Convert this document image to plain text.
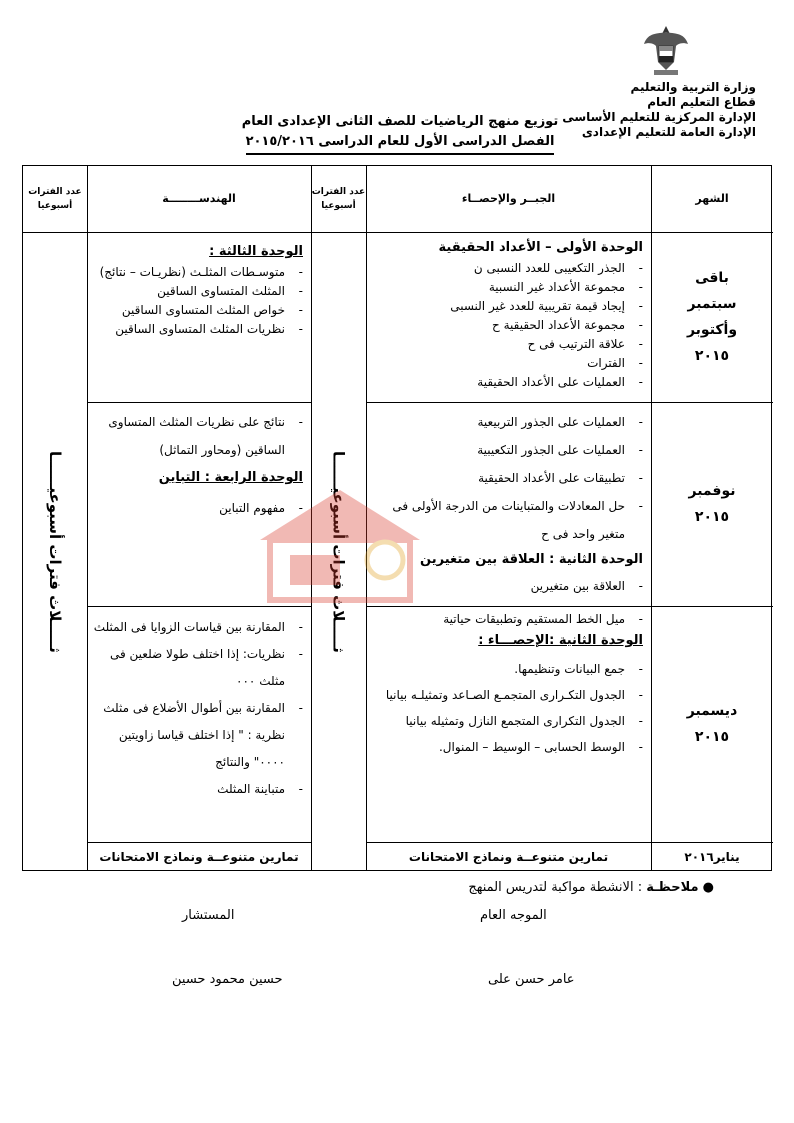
وزارة التربية والتعليم
قطاع التعليم العام
الإدارة المركزية للتعليم الأساسى
الإدارة العامة للتعليم الإعدادى
توزيع منهج الرياضيات للصف الثانى الإعدادى العام
الفصل الدراسى الأول للعام الدراسى ٢٠١٥/٢٠١٦
الشهر
الجبــر والإحصــاء
عدد الفترات أسبوعيا
الهندســــــــة
عدد الفترات أسبوعيا
باقى
سبتمبر
وأكتوبر
٢٠١٥
الوحدة الأولى – الأعداد الحقيقية
- الجذر التكعيبى للعدد النسبى ن
- مجموعة الأعداد غير النسبية
- إيجاد قيمة تقريبية للعدد غير النسبى
- مجموعة الأعداد الحقيقية ح
- علاقة الترتيب فى ح
- الفترات
- العمليات على الأعداد الحقيقية
الوحدة الثالثة :
- متوسـطات المثلـث (نظريـات – نتائج)
- المثلث المتساوى الساقين
- خواص المثلث المتساوى الساقين
- نظريات المثلث المتساوى الساقين
نوفمبر
٢٠١٥
- العمليات على الجذور التربيعية
- العمليات على الجذور التكعيبية
- تطبيقات على الأعداد الحقيقية
- حل المعادلات والمتباينات من الدرجة الأولى فى متغير واحد فى ح
الوحدة الثانية : العلاقة بين متغيرين
- العلاقة بين متغيرين
- نتائج على نظريات المثلث المتساوى الساقين (ومحاور التماثل)
الوحدة الرابعة : التباين
- مفهوم التباين
ديسمبر
٢٠١٥
- ميل الخط المستقيم وتطبيقات حياتية
الوحدة الثانية :الإحصـــاء :
- جمع البيانات وتنظيمها.
- الجدول التكـرارى المتجمـع الصـاعد وتمثيلـه بيانيا
- الجدول التكرارى المتجمع النازل وتمثيله بيانيا
- الوسط الحسابى – الوسيط – المنوال.
- المقارنة بين قياسات الزوايا فى المثلث
- نظريات: إذا اختلف طولا ضلعين فى مثلث ٠٠٠
- المقارنة بين أطوال الأضلاع فى مثلث نظرية : " إذا اختلف قياسا زاويتين ٠٠٠٠" والنتائج
- متباينة المثلث
يناير٢٠١٦
تمارين متنوعــة ونماذج الامتحانات
تمارين متنوعــة ونماذج الامتحانات
ثـــــلاث فترات أسبوعيــــــا
ثـــــلاث فترات أسبوعيــــــا
● ملاحظـة : الانشطة مواكبة لتدريس المنهج
الموجه العام
عامر حسن على
المستشار
حسين محمود حسين
